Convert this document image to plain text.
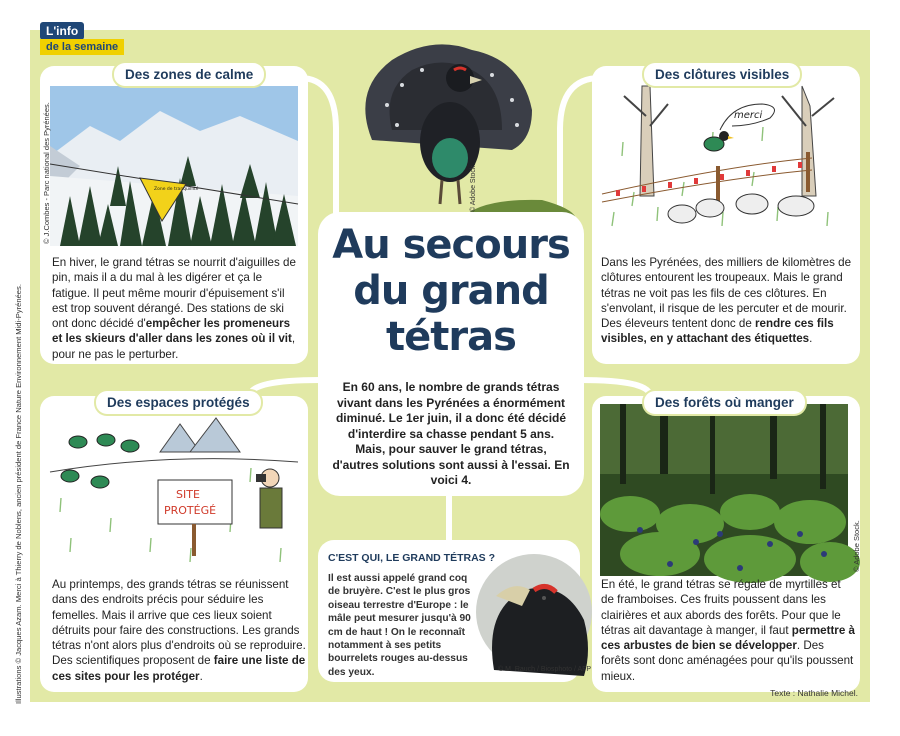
L'info
de la semaine
Zone de tranquillité
© J.Combes - Parc national des Pyrénées.
Des zones de calme
En hiver, le grand tétras se nourrit d'aiguilles de pin, mais il a du mal à les digérer et ça le fatigue. Il peut même mourir d'épuisement s'il est trop souvent dérangé. Des stations de ski ont donc décidé d'empêcher les promeneurs et les skieurs d'aller dans les zones où il vit, pour ne pas le perturber.
merci
Des clôtures visibles
Dans les Pyrénées, des milliers de kilomètres de clôtures entourent les troupeaux. Mais le grand tétras ne voit pas les fils de ces clôtures. En s'envolant, il risque de les percuter et de mourir. Des éleveurs tentent donc de rendre ces fils visibles, en y attachant des étiquettes.
© Adobe Stock.
Au secours
du grand
tétras
En 60 ans, le nombre de grands tétras vivant dans les Pyrénées a énormément diminué. Le 1er juin, il a donc été décidé d'interdire sa chasse pendant 5 ans. Mais, pour sauver le grand tétras, d'autres solutions sont aussi à l'essai. En voici 4.
SITE
PROTÉGÉ
Des espaces protégés
Au printemps, des grands tétras se réunissent dans des endroits précis pour séduire les femelles. Mais il arrive que ces lieux soient détruits pour faire des constructions. Les grands tétras n'ont alors plus d'endroits où se reproduire. Des scientifiques proposent de faire une liste de ces sites pour les protéger.
© Adobe Stock.
Des forêts où manger
En été, le grand tétras se régale de myrtilles et de framboises. Ces fruits poussent dans les clairières et aux abords des forêts. Pour que le tétras ait davantage à manger, il faut permettre à ces arbustes de bien se développer. Des forêts sont donc aménagées pour qu'ils poussent mieux.
C'EST QUI, LE GRAND TÉTRAS ?
Il est aussi appelé grand coq de bruyère. C'est le plus gros oiseau terrestre d'Europe : le mâle peut mesurer jusqu'à 90 cm de haut ! On le reconnaît notamment à ses petits bourrelets rouges au-dessus des yeux.	© M. Rauch / Biosphoto / AFP
Illustrations © Jacques Azam. Merci à Thierry de Noblens, ancien président de France Nature Environnement Midi-Pyrénées.	Texte : Nathalie Michel.
